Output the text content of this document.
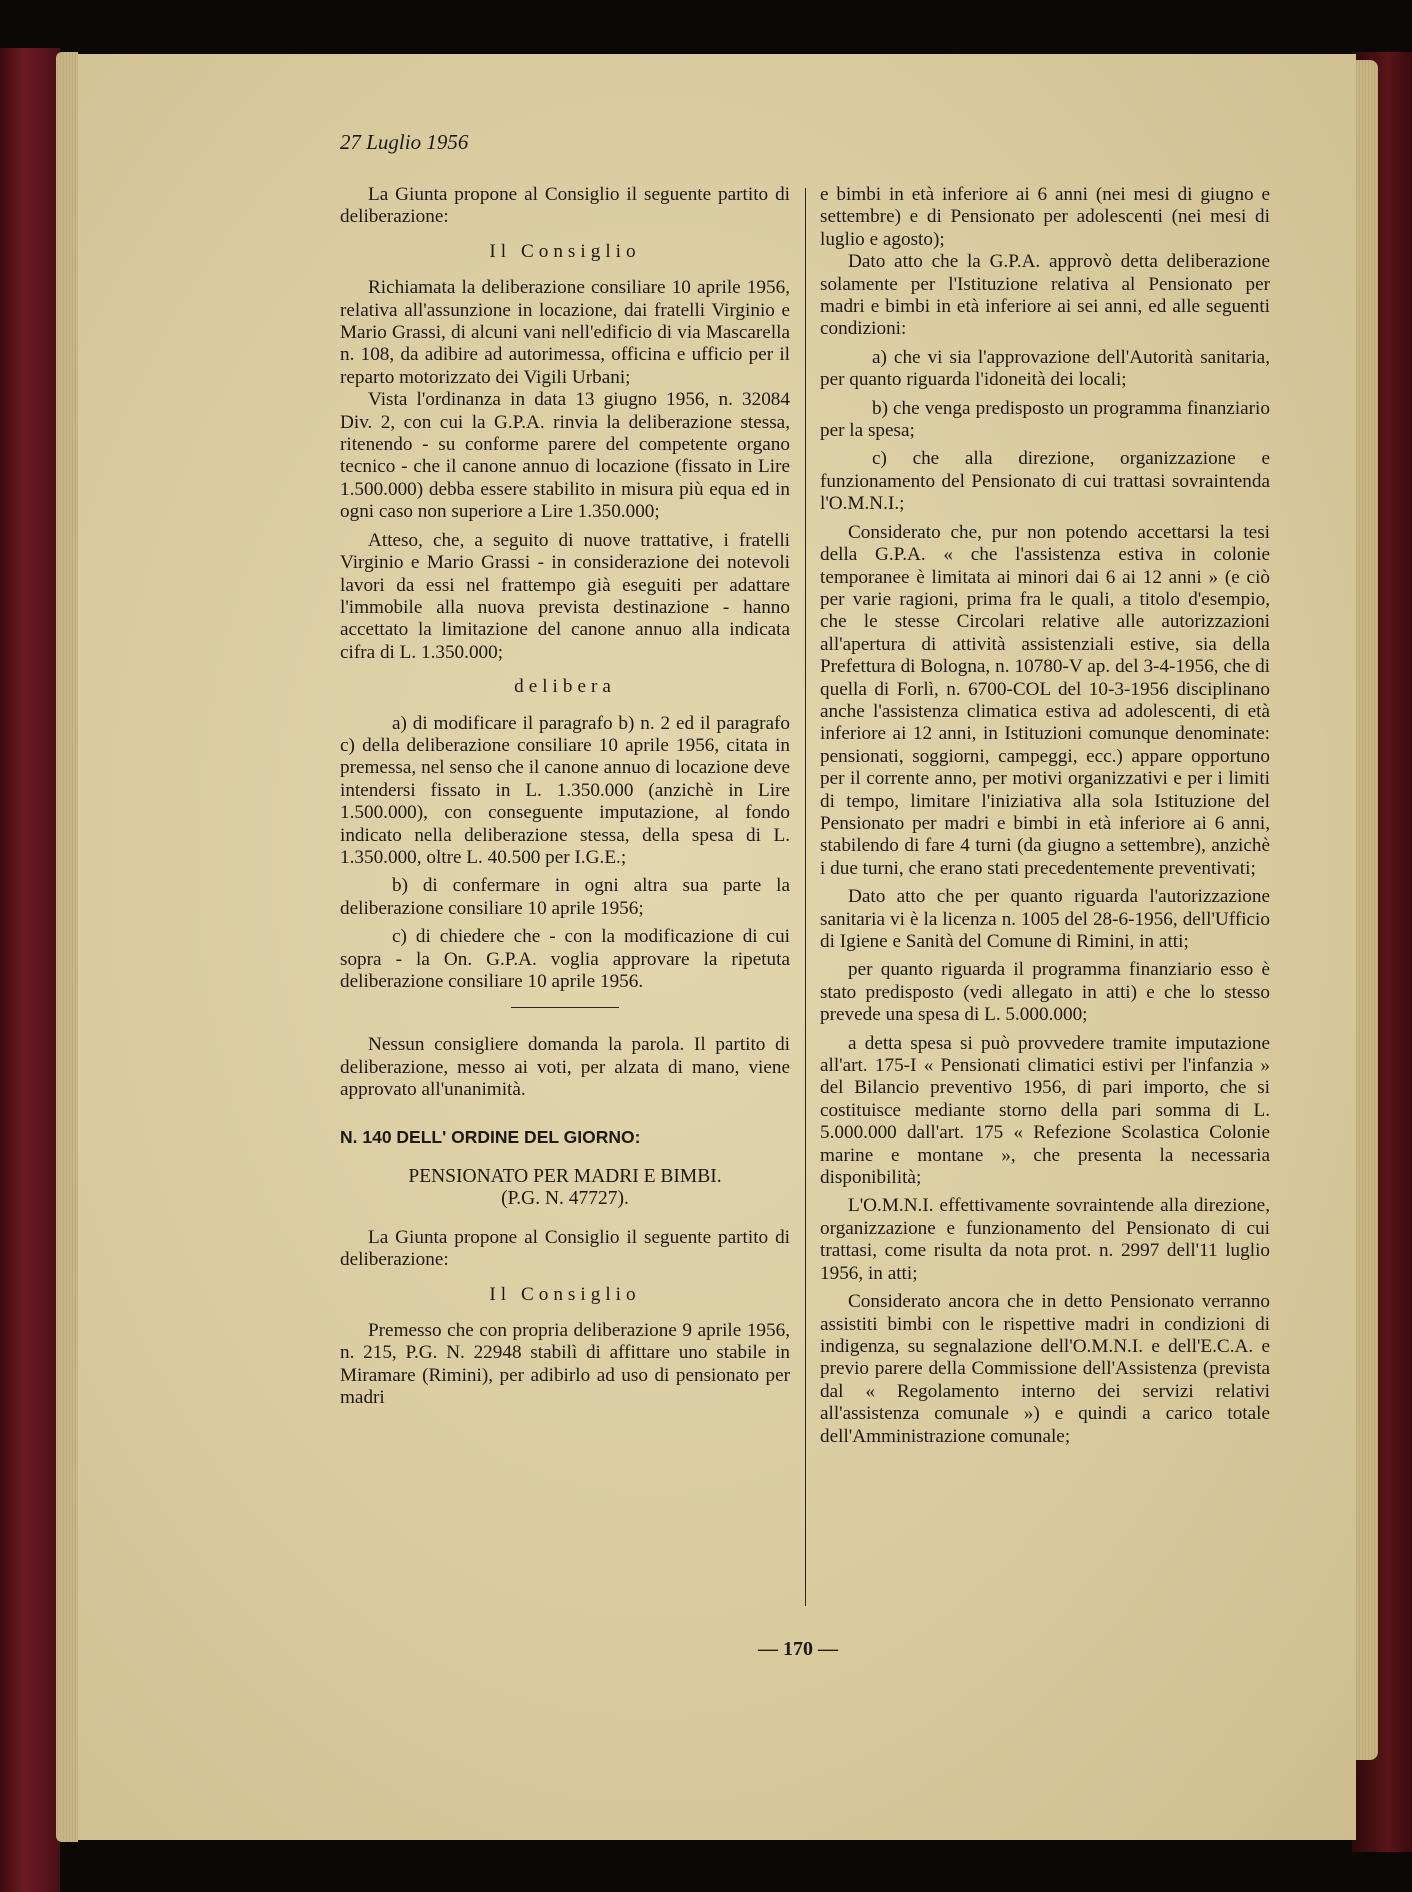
27 Luglio 1956

La Giunta propone al Consiglio il seguente partito di deliberazione:

Il Consiglio

Richiamata la deliberazione consiliare 10 aprile 1956, relativa all'assunzione in locazione, dai fratelli Virginio e Mario Grassi, di alcuni vani nell'edificio di via Mascarella n. 108, da adibire ad autorimessa, officina e ufficio per il reparto motorizzato dei Vigili Urbani;

Vista l'ordinanza in data 13 giugno 1956, n. 32084 Div. 2, con cui la G.P.A. rinvia la deliberazione stessa, ritenendo - su conforme parere del competente organo tecnico - che il canone annuo di locazione (fissato in Lire 1.500.000) debba essere stabilito in misura più equa ed in ogni caso non superiore a Lire 1.350.000;

Atteso, che, a seguito di nuove trattative, i fratelli Virginio e Mario Grassi - in considerazione dei notevoli lavori da essi nel frattempo già eseguiti per adattare l'immobile alla nuova prevista destinazione - hanno accettato la limitazione del canone annuo alla indicata cifra di L. 1.350.000;

delibera

a) di modificare il paragrafo b) n. 2 ed il paragrafo c) della deliberazione consiliare 10 aprile 1956, citata in premessa, nel senso che il canone annuo di locazione deve intendersi fissato in L. 1.350.000 (anzichè in Lire 1.500.000), con conseguente imputazione, al fondo indicato nella deliberazione stessa, della spesa di L. 1.350.000, oltre L. 40.500 per I.G.E.;

b) di confermare in ogni altra sua parte la deliberazione consiliare 10 aprile 1956;

c) di chiedere che - con la modificazione di cui sopra - la On. G.P.A. voglia approvare la ripetuta deliberazione consiliare 10 aprile 1956.

Nessun consigliere domanda la parola. Il partito di deliberazione, messo ai voti, per alzata di mano, viene approvato all'unanimità.

N. 140 DELL' ORDINE DEL GIORNO:

PENSIONATO PER MADRI E BIMBI.
(P.G. N. 47727).

La Giunta propone al Consiglio il seguente partito di deliberazione:

Il Consiglio

Premesso che con propria deliberazione 9 aprile 1956, n. 215, P.G. N. 22948 stabilì di affittare uno stabile in Miramare (Rimini), per adibirlo ad uso di pensionato per madri

e bimbi in età inferiore ai 6 anni (nei mesi di giugno e settembre) e di Pensionato per adolescenti (nei mesi di luglio e agosto);

Dato atto che la G.P.A. approvò detta deliberazione solamente per l'Istituzione relativa al Pensionato per madri e bimbi in età inferiore ai sei anni, ed alle seguenti condizioni:

a) che vi sia l'approvazione dell'Autorità sanitaria, per quanto riguarda l'idoneità dei locali;

b) che venga predisposto un programma finanziario per la spesa;

c) che alla direzione, organizzazione e funzionamento del Pensionato di cui trattasi sovraintenda l'O.M.N.I.;

Considerato che, pur non potendo accettarsi la tesi della G.P.A. « che l'assistenza estiva in colonie temporanee è limitata ai minori dai 6 ai 12 anni » (e ciò per varie ragioni, prima fra le quali, a titolo d'esempio, che le stesse Circolari relative alle autorizzazioni all'apertura di attività assistenziali estive, sia della Prefettura di Bologna, n. 10780-V ap. del 3-4-1956, che di quella di Forlì, n. 6700-COL del 10-3-1956 disciplinano anche l'assistenza climatica estiva ad adolescenti, di età inferiore ai 12 anni, in Istituzioni comunque denominate: pensionati, soggiorni, campeggi, ecc.) appare opportuno per il corrente anno, per motivi organizzativi e per i limiti di tempo, limitare l'iniziativa alla sola Istituzione del Pensionato per madri e bimbi in età inferiore ai 6 anni, stabilendo di fare 4 turni (da giugno a settembre), anzichè i due turni, che erano stati precedentemente preventivati;

Dato atto che per quanto riguarda l'autorizzazione sanitaria vi è la licenza n. 1005 del 28-6-1956, dell'Ufficio di Igiene e Sanità del Comune di Rimini, in atti;

per quanto riguarda il programma finanziario esso è stato predisposto (vedi allegato in atti) e che lo stesso prevede una spesa di L. 5.000.000;

a detta spesa si può provvedere tramite imputazione all'art. 175-I « Pensionati climatici estivi per l'infanzia » del Bilancio preventivo 1956, di pari importo, che si costituisce mediante storno della pari somma di L. 5.000.000 dall'art. 175 « Refezione Scolastica Colonie marine e montane », che presenta la necessaria disponibilità;

L'O.M.N.I. effettivamente sovraintende alla direzione, organizzazione e funzionamento del Pensionato di cui trattasi, come risulta da nota prot. n. 2997 dell'11 luglio 1956, in atti;

Considerato ancora che in detto Pensionato verranno assistiti bimbi con le rispettive madri in condizioni di indigenza, su segnalazione dell'O.M.N.I. e dell'E.C.A. e previo parere della Commissione dell'Assistenza (prevista dal « Regolamento interno dei servizi relativi all'assistenza comunale ») e quindi a carico totale dell'Amministrazione comunale;

— 170 —
